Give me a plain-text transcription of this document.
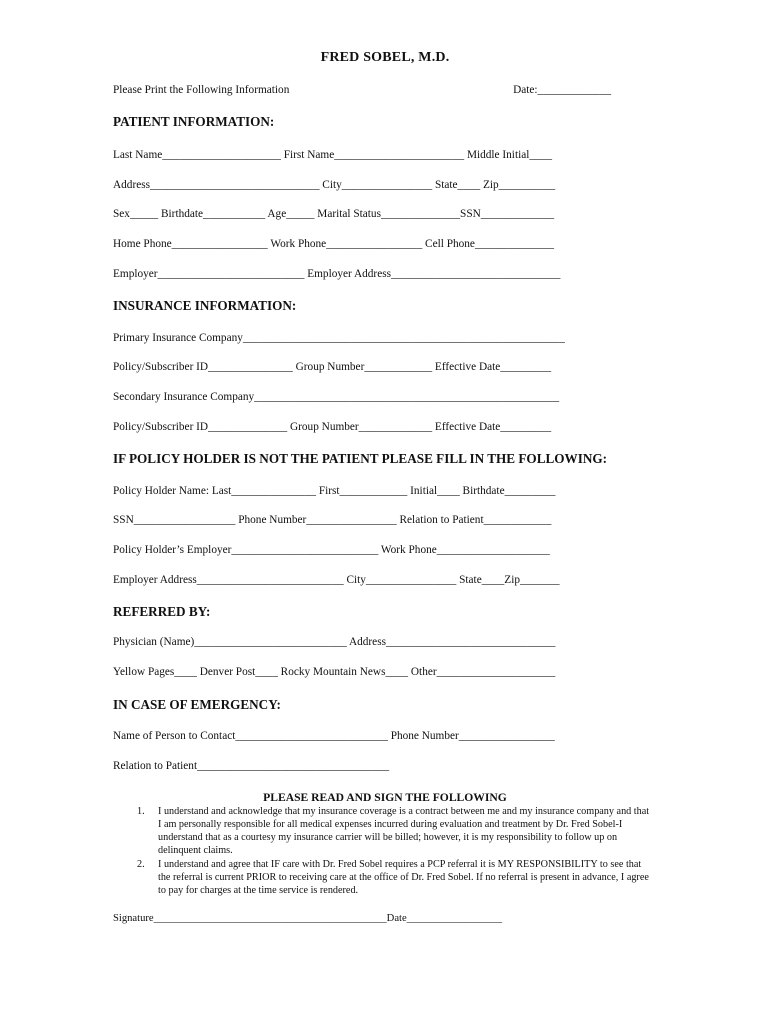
FRED SOBEL, M.D.
Please Print the Following Information	Date:_____________
PATIENT INFORMATION:
Last Name_____________________ First Name_______________________ Middle Initial____
Address______________________________ City________________ State____ Zip__________
Sex_____ Birthdate___________ Age_____ Marital Status______________SSN_____________
Home Phone_________________ Work Phone_________________ Cell Phone______________
Employer__________________________ Employer Address______________________________
INSURANCE INFORMATION:
Primary Insurance Company_________________________________________________________
Policy/Subscriber ID_______________ Group Number____________ Effective Date_________
Secondary Insurance Company______________________________________________________
Policy/Subscriber ID______________ Group Number_____________ Effective Date_________
IF POLICY HOLDER IS NOT THE PATIENT PLEASE FILL IN THE FOLLOWING:
Policy Holder Name: Last_______________ First____________ Initial____ Birthdate_________
SSN__________________ Phone Number________________ Relation to Patient____________
Policy Holder’s Employer__________________________ Work Phone____________________
Employer Address__________________________ City________________ State____Zip_______
REFERRED BY:
Physician (Name)___________________________ Address______________________________
Yellow Pages____ Denver Post____ Rocky Mountain News____ Other_____________________
IN CASE OF EMERGENCY:
Name of Person to Contact___________________________ Phone Number_________________
Relation to Patient__________________________________
PLEASE READ AND SIGN THE FOLLOWING
1. I understand and acknowledge that my insurance coverage is a contract between me and my insurance company and that I am personally responsible for all medical expenses incurred during evaluation and treatment by Dr. Fred Sobel-I understand that as a courtesy my insurance carrier will be billed; however, it is my responsibility to follow up on delinquent claims.
2. I understand and agree that IF care with Dr. Fred Sobel requires a PCP referral it is MY RESPONSIBILITY to see that the referral is current PRIOR to receiving care at the office of Dr. Fred Sobel. If no referral is present in advance, I agree to pay for charges at the time service is rendered.
Signature____________________________________________Date__________________
